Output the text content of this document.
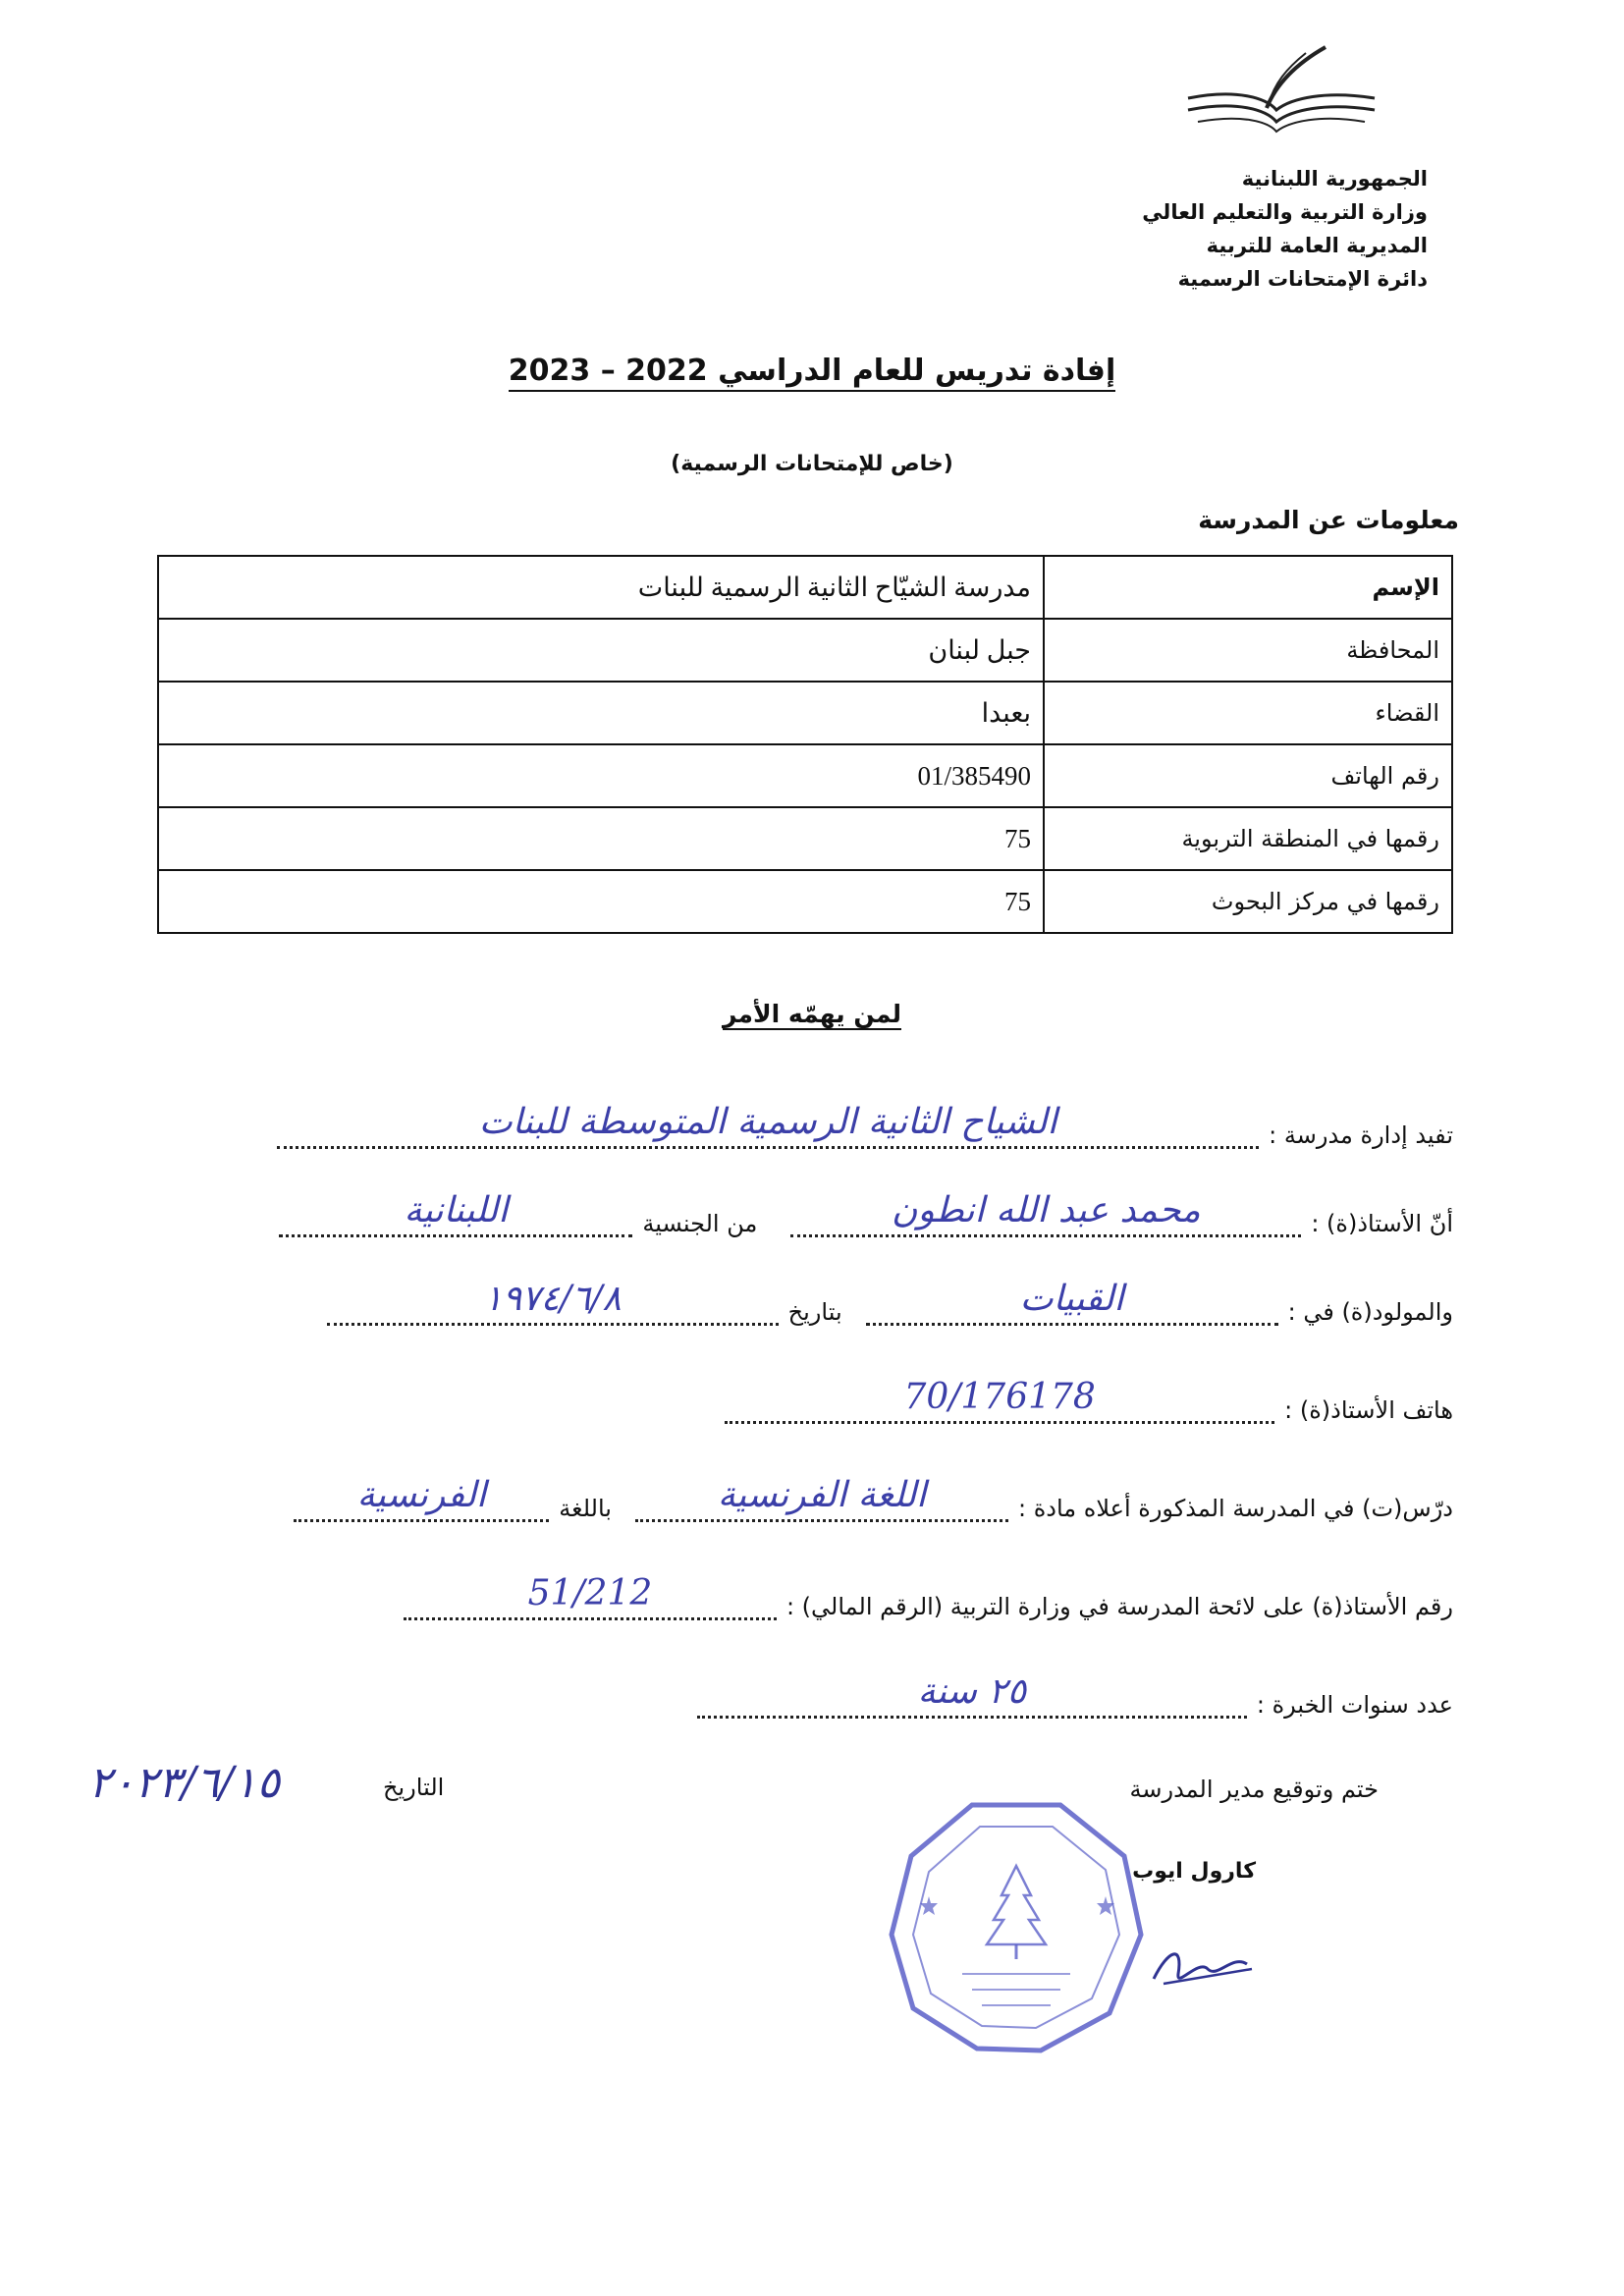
الجمهورية اللبنانية
وزارة التربية والتعليم العالي
المديرية العامة للتربية
دائرة الإمتحانات الرسمية
إفادة تدريس للعام الدراسي 2022 – 2023
(خاص للإمتحانات الرسمية)
معلومات عن المدرسة
الإسم	مدرسة الشيّاح الثانية الرسمية للبنات
المحافظة	جبل لبنان
القضاء	بعبدا
رقم الهاتف	01/385490
رقمها في المنطقة التربوية	75
رقمها في مركز البحوث	75
لمن يهمّه الأمر
تفيد إدارة مدرسة :
الشياح الثانية الرسمية المتوسطة للبنات
أنّ الأستاذ(ة) :
محمد عبد الله انطون
من الجنسية
اللبنانية
والمولود(ة) في :
القبيات
بتاريخ
١٩٧٤/٦/٨
هاتف الأستاذ(ة) :
70/176178
درّس(ت) في المدرسة المذكورة أعلاه مادة :
اللغة الفرنسية
باللغة
الفرنسية
رقم الأستاذ(ة) على لائحة المدرسة في وزارة التربية (الرقم المالي) :
51/212
عدد سنوات الخبرة :
٢٥ سنة
ختم وتوقيع مدير المدرسة
التاريخ
٢٠٢٣/٦/١٥
كارول ايوب
